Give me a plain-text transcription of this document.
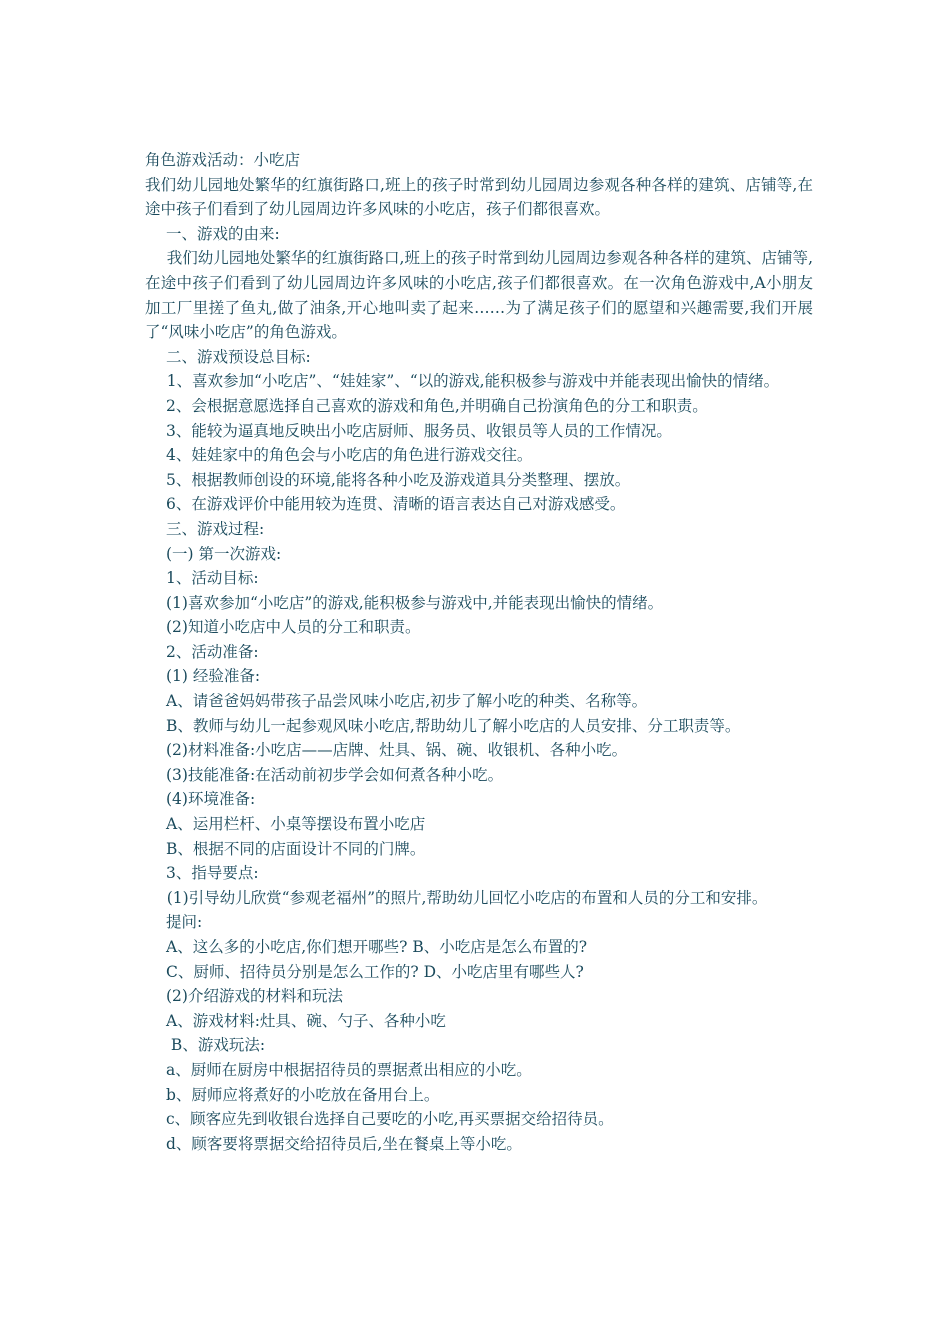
角色游戏活动：小吃店

我们幼儿园地处繁华的红旗街路口,班上的孩子时常到幼儿园周边参观各种各样的建筑、店铺等,在途中孩子们看到了幼儿园周边许多风味的小吃店，孩子们都很喜欢。

一、游戏的由来:

我们幼儿园地处繁华的红旗街路口,班上的孩子时常到幼儿园周边参观各种各样的建筑、店铺等,在途中孩子们看到了幼儿园周边许多风味的小吃店,孩子们都很喜欢。在一次角色游戏中,A小朋友加工厂里搓了鱼丸,做了油条,开心地叫卖了起来……为了满足孩子们的愿望和兴趣需要,我们开展了“风味小吃店”的角色游戏。

二、游戏预设总目标:

1、喜欢参加“小吃店”、“娃娃家”、“以的游戏,能积极参与游戏中并能表现出愉快的情绪。

2、会根据意愿选择自己喜欢的游戏和角色,并明确自己扮演角色的分工和职责。

3、能较为逼真地反映出小吃店厨师、服务员、收银员等人员的工作情况。

4、娃娃家中的角色会与小吃店的角色进行游戏交往。

5、根据教师创设的环境,能将各种小吃及游戏道具分类整理、摆放。

6、在游戏评价中能用较为连贯、清晰的语言表达自己对游戏感受。

三、游戏过程:

(一) 第一次游戏:

1、活动目标:

(1)喜欢参加“小吃店”的游戏,能积极参与游戏中,并能表现出愉快的情绪。

(2)知道小吃店中人员的分工和职责。

2、活动准备:

(1) 经验准备:

A、请爸爸妈妈带孩子品尝风味小吃店,初步了解小吃的种类、名称等。

B、教师与幼儿一起参观风味小吃店,帮助幼儿了解小吃店的人员安排、分工职责等。

(2)材料准备:小吃店——店牌、灶具、锅、碗、收银机、各种小吃。

(3)技能准备:在活动前初步学会如何煮各种小吃。

(4)环境准备:

A、运用栏杆、小桌等摆设布置小吃店

B、根据不同的店面设计不同的门牌。

3、指导要点:

(1)引导幼儿欣赏“参观老福州”的照片,帮助幼儿回忆小吃店的布置和人员的分工和安排。

提问:

A、这么多的小吃店,你们想开哪些? B、小吃店是怎么布置的?

C、厨师、招待员分别是怎么工作的? D、小吃店里有哪些人?

(2)介绍游戏的材料和玩法

A、游戏材料:灶具、碗、勺子、各种小吃

B、游戏玩法:

a、厨师在厨房中根据招待员的票据煮出相应的小吃。

b、厨师应将煮好的小吃放在备用台上。

c、顾客应先到收银台选择自己要吃的小吃,再买票据交给招待员。

d、顾客要将票据交给招待员后,坐在餐桌上等小吃。
